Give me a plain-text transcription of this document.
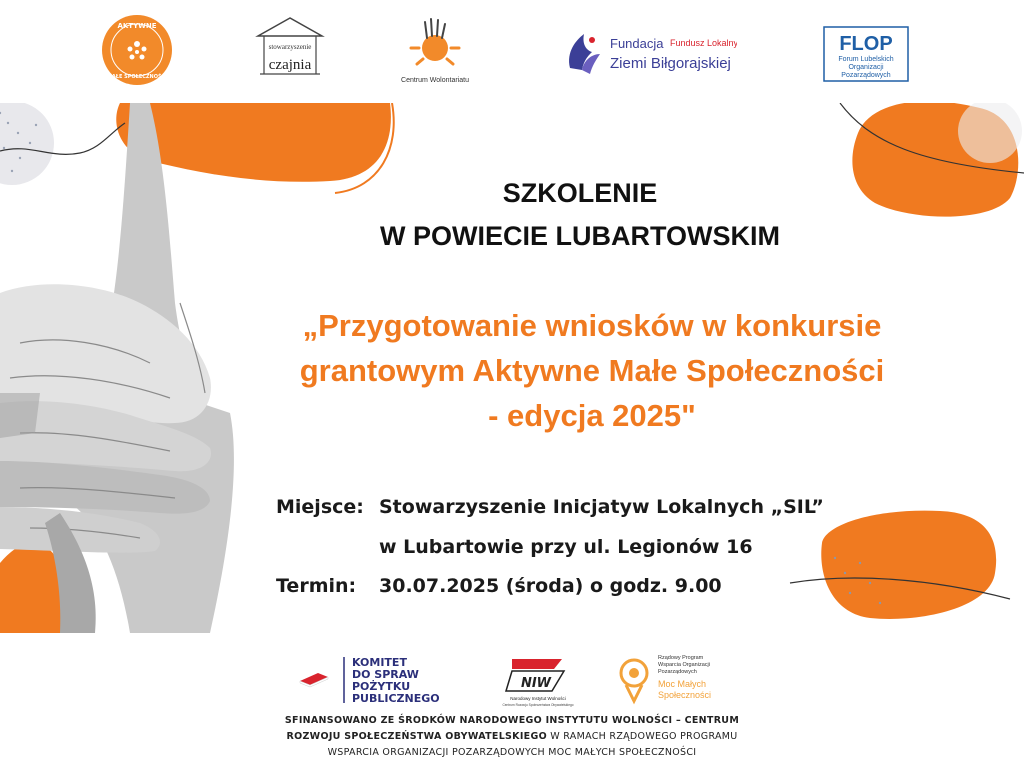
AKTYWNE
MAŁE SPOŁECZNOŚCI
stowarzyszenie
czajnia
Centrum Wolontariatu
Fundacja Fundusz Lokalny
Ziemi Biłgorajskiej
FLOP
Forum Lubelskich
Organizacji
Pozarządowych
SZKOLENIE
W POWIECIE LUBARTOWSKIM
„Przygotowanie wniosków w konkursie
grantowym Aktywne Małe Społeczności
- edycja 2025"
Miejsce: Stowarzyszenie Inicjatyw Lokalnych „SIL”
w Lubartowie przy ul. Legionów 16
Termin: 30.07.2025 (środa) o godz. 9.00
KOMITET
DO SPRAW
POŻYTKU
PUBLICZNEGO
NIW
Narodowy Instytut Wolności
Centrum Rozwoju Społeczeństwa Obywatelskiego
Rządowy Program
Wsparcia Organizacji
Pozarządowych
Moc Małych
Społeczności
SFINANSOWANO ZE ŚRODKÓW NARODOWEGO INSTYTUTU WOLNOŚCI – CENTRUM
ROZWOJU SPOŁECZEŃSTWA OBYWATELSKIEGO W RAMACH RZĄDOWEGO PROGRAMU
WSPARCIA ORGANIZACJI POZARZĄDOWYCH MOC MAŁYCH SPOŁECZNOŚCI
